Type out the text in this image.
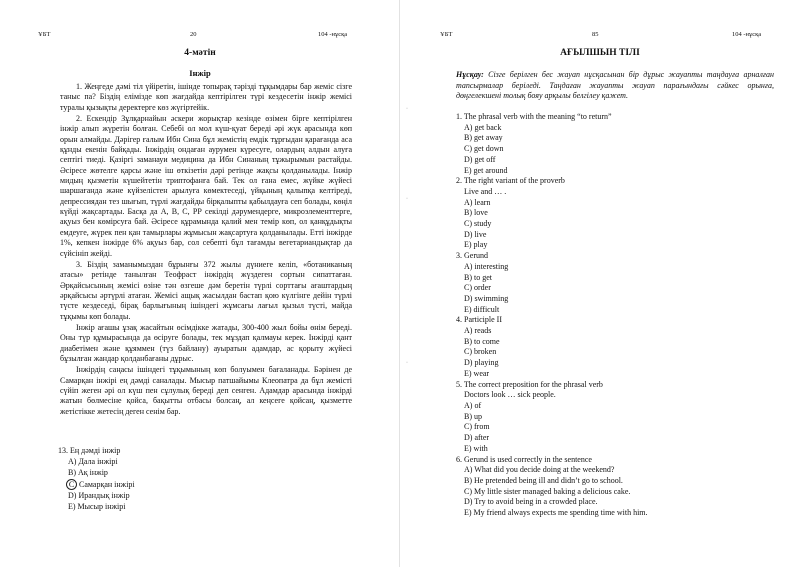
ҰБТ	20	104 -нұсқа
4-мәтін
Інжір

1. Жеңгеде дәмі тіл үйіретін, ішінде топырақ тәрізді тұқымдары бар жеміс сізге таныс па? Біздің елімізде көп жағдайда кептірілген түрі кездесетін інжір жемісі туралы қызықты деректерге көз жүгіртейік.

2. Ескендір Зұлқарнайын әскери жорықтар кезінде өзімен бірге кептірілген інжір алып жүретін болған. Себебі ол мол күш-қуат береді әрі жүк арасында көп орын алмайды. Дәрігер ғалым Ибн Сина бұл жемістің емдік тұрғыдан қарағанда аса құнды екенін байқады. Інжірдің ондаған аурумен күресуге, олардың алдын алуға септігі тиеді. Қазіргі заманауи медицина да Ибн Синаның тұжырымын растайды. Әсіресе жөтелге қарсы және іш өткізетін дәрі ретінде жақсы қолданылады. Інжір мидың қызметін күшейтетін триптофанға бай. Тек ол ғана емес, жүйке жүйесі шаршағанда және күйзелістен арылуға көмектеседі, үйқының қалыпқа келтіреді, депрессиядан тез шығып, түрлі жағдайды бірқалыпты қабылдауға сеп болады, көңіл күйді жақсартады. Басқа да А, В, С, РР секілді дәрумендерге, микроэлементтерге, ақуыз бен көмірсуға бай. Әсіресе құрамында қалий мен темір көп, ол қанқұдықты емдеуге, жүрек пен қан тамырлары жұмысын жақсартуға қолданылады. Етті інжірде 1%, кепкен інжірде 6% ақуыз бар, сол себепті бұл тағамды вегетариандықтар да сүйсініп жейді.

3. Біздің заманымыздан бұрынғы 372 жылы дүниеге келіп, «ботаниканың атасы» ретінде танылған Теофраст інжірдің жүздеген сортын сипаттаған. Әрқайсысының жемісі өзіне тән өзгеше дәм беретін түрлі сорттағы ағаштардың әрқайсысы әртүрлі атаған. Жемісі ащық жасылдан бастап қою күлгінге дейін түрлі түсте кездеседі, бірақ барлығының ішіндегі жұмсағы лағыл қызыл түсті, майда тұқымы көп болады.

Інжір ағашы ұзақ жасайтын өсімдікке жатады, 300-400 жыл бойы өнім береді. Оны түр құмырасында да өсіруге болады, тек мұздап қалмауы керек. Інжірді қант диабетімен және құяммен (түз байлану) ауыратын адамдар, ас қорыту жүйесі бұзылған жандар қолданбағаны дұрыс.

Інжірдің саңасы ішіндегі тұқымының көп болуымен бағаланады. Бәрінен де Самарқан інжірі ең дәмді саналады. Мысыр патшайымы Клеопатра да бұл жемісті сүйіп жеген әрі ол күш пен сұлулық береді деп сенген. Адамдар арасында інжірді жатын бөлмесіне қойса, бақытты отбасы болсаң, ал кеңсеге қойсаң, қызметте жетістікке жетесің деген сенім бар.

13. Ең дәмді інжір
A) Дала інжірі
B) Ақ інжір
C Самарқан інжірі
D) Ирандық інжір
E) Мысыр інжірі
ҰБТ	85	104 -нұсқа
АҒЫЛШЫН ТІЛІ
Нұсқау: Сізге берілген бес жауап нұсқасынан бір дұрыс жауапты таңдауға арналған тапсырмалар беріледі. Таңдаған жауапты жауап парағындағы сәйкес орынға, дөңгелекшені толық бояу арқылы белгілеу қажет.
1. The phrasal verb with the meaning “to return”
A) get back
B) get away
C) get down
D) get off
E) get around
2. The right variant of the proverb
Live and … .
A) learn
B) love
C) study
D) live
E) play
3. Gerund
A) interesting
B) to get
C) order
D) swimming
E) difficult
4. Participle II
A) reads
B) to come
C) broken
D) playing
E) wear
5. The correct preposition for the phrasal verb
Doctors look … sick people.
A) of
B) up
C) from
D) after
E) with
6. Gerund is used correctly in the sentence
A) What did you decide doing at the weekend?
B) He pretended being ill and didn’t go to school.
C) My little sister managed baking a delicious cake.
D) Try to avoid being in a crowded place.
E) My friend always expects me spending time with him.
·
·
·
